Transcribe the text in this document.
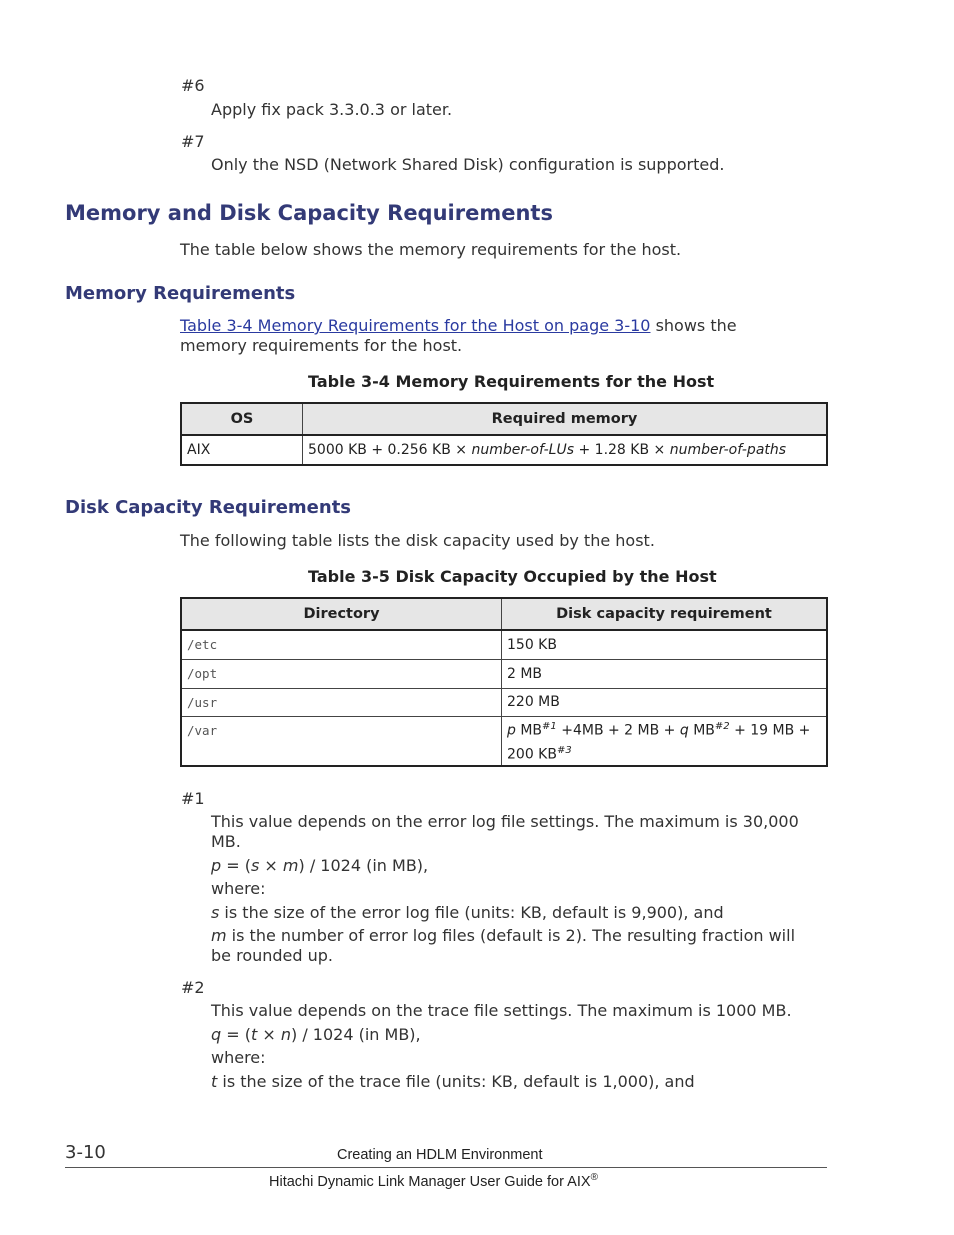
#6
Apply fix pack 3.3.0.3 or later.
#7
Only the NSD (Network Shared Disk) configuration is supported.
Memory and Disk Capacity Requirements
The table below shows the memory requirements for the host.
Memory Requirements
Table 3-4 Memory Requirements for the Host on page 3-10 shows the
memory requirements for the host.
Table 3-4 Memory Requirements for the Host
OS	Required memory
AIX	5000 KB + 0.256 KB × number-of-LUs + 1.28 KB × number-of-paths
Disk Capacity Requirements
The following table lists the disk capacity used by the host.
Table 3-5 Disk Capacity Occupied by the Host
Directory	Disk capacity requirement
/etc	150 KB
/opt	2 MB
/usr	220 MB
/var	p $MB^{\#1} +4MB + 2$ MB + q $MB^{\#2} + 19$ MB +
200 KB$^{\#3}$
#1
This value depends on the error log file settings. The maximum is 30,000
MB.
p = (s × m) / 1024 (in MB),
where:
s is the size of the error log file (units: KB, default is 9,900), and
m is the number of error log files (default is 2). The resulting fraction will
be rounded up.
#2
This value depends on the trace file settings. The maximum is 1000 MB.
q = (t × n) / 1024 (in MB),
where:
t is the size of the trace file (units: KB, default is 1,000), and
3-10	Creating an HDLM Environment
Hitachi Dynamic Link Manager User Guide for AIX®
